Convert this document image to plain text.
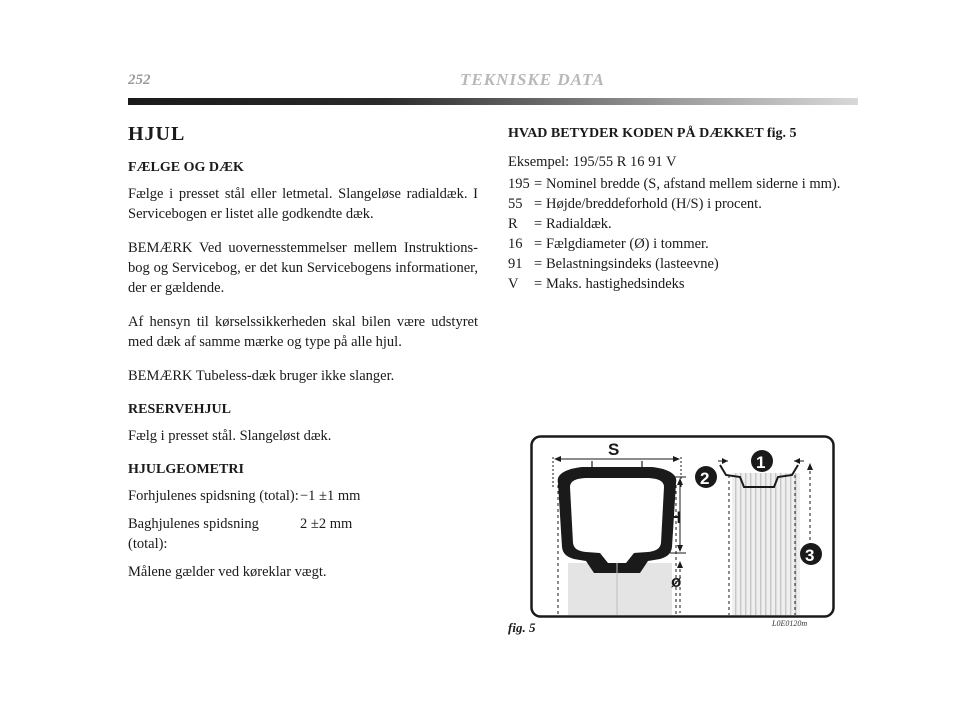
252	TEKNISKE DATA
HJUL
FÆLGE OG DÆK

Fælge i presset stål eller letmetal. Slangeløse radialdæk. I Servicebogen er listet alle godkendte dæk.

BEMÆRK Ved uovernesstemmelser mellem Instruktions-bog og Servicebog, er det kun Servicebogens informationer, der er gældende.

Af hensyn til kørselssikkerheden skal bilen være udstyret med dæk af samme mærke og type på alle hjul.

BEMÆRK Tubeless-dæk bruger ikke slanger.

RESERVEHJUL

Fælg i presset stål. Slangeløst dæk.

HJULGEOMETRI
Forhjulenes spidsning (total): −1 ±1 mm
Baghjulenes spidsning (total):
2 ±2 mm
Målene gælder ved køreklar vægt.
HVAD BETYDER KODEN PÅ DÆKKET fig. 5
Eksempel: 195/55 R 16 91 V
195 = Nominel bredde (S, afstand mellem siderne i mm).
55 = Højde/breddeforhold (H/S) i procent.
R	= Radialdæk.
16 = Fælgdiameter (Ø) i tommer.
91 = Belastningsindeks (lasteevne)
V	= Maks. hastighedsindeks
S
H
ø
1
2
3
fig. 5	L0E0120m
